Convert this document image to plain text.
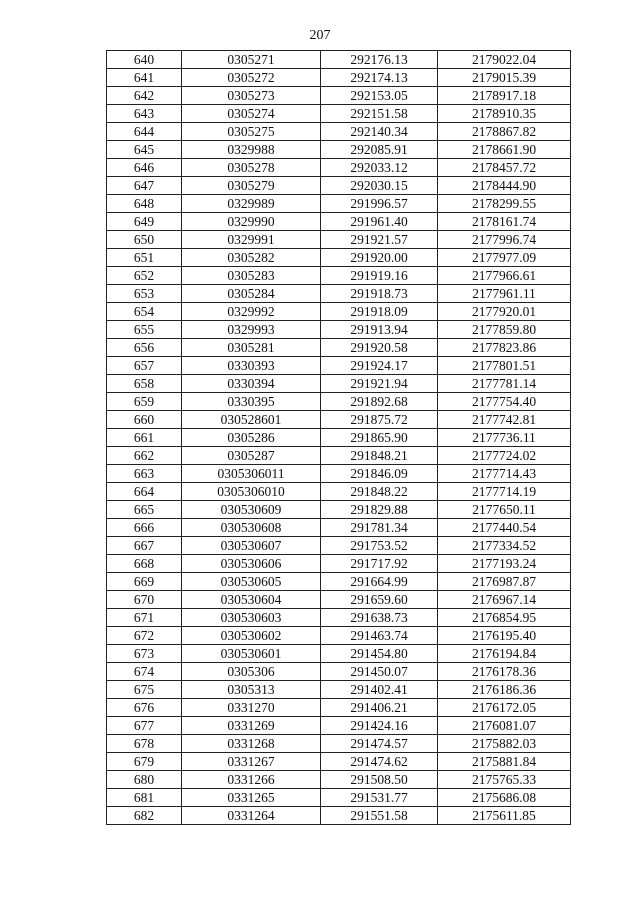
207
640	0305271	292176.13	2179022.04
641	0305272	292174.13	2179015.39
642	0305273	292153.05	2178917.18
643	0305274	292151.58	2178910.35
644	0305275	292140.34	2178867.82
645	0329988	292085.91	2178661.90
646	0305278	292033.12	2178457.72
647	0305279	292030.15	2178444.90
648	0329989	291996.57	2178299.55
649	0329990	291961.40	2178161.74
650	0329991	291921.57	2177996.74
651	0305282	291920.00	2177977.09
652	0305283	291919.16	2177966.61
653	0305284	291918.73	2177961.11
654	0329992	291918.09	2177920.01
655	0329993	291913.94	2177859.80
656	0305281	291920.58	2177823.86
657	0330393	291924.17	2177801.51
658	0330394	291921.94	2177781.14
659	0330395	291892.68	2177754.40
660	030528601	291875.72	2177742.81
661	0305286	291865.90	2177736.11
662	0305287	291848.21	2177724.02
663	0305306011	291846.09	2177714.43
664	0305306010	291848.22	2177714.19
665	030530609	291829.88	2177650.11
666	030530608	291781.34	2177440.54
667	030530607	291753.52	2177334.52
668	030530606	291717.92	2177193.24
669	030530605	291664.99	2176987.87
670	030530604	291659.60	2176967.14
671	030530603	291638.73	2176854.95
672	030530602	291463.74	2176195.40
673	030530601	291454.80	2176194.84
674	0305306	291450.07	2176178.36
675	0305313	291402.41	2176186.36
676	0331270	291406.21	2176172.05
677	0331269	291424.16	2176081.07
678	0331268	291474.57	2175882.03
679	0331267	291474.62	2175881.84
680	0331266	291508.50	2175765.33
681	0331265	291531.77	2175686.08
682	0331264	291551.58	2175611.85
